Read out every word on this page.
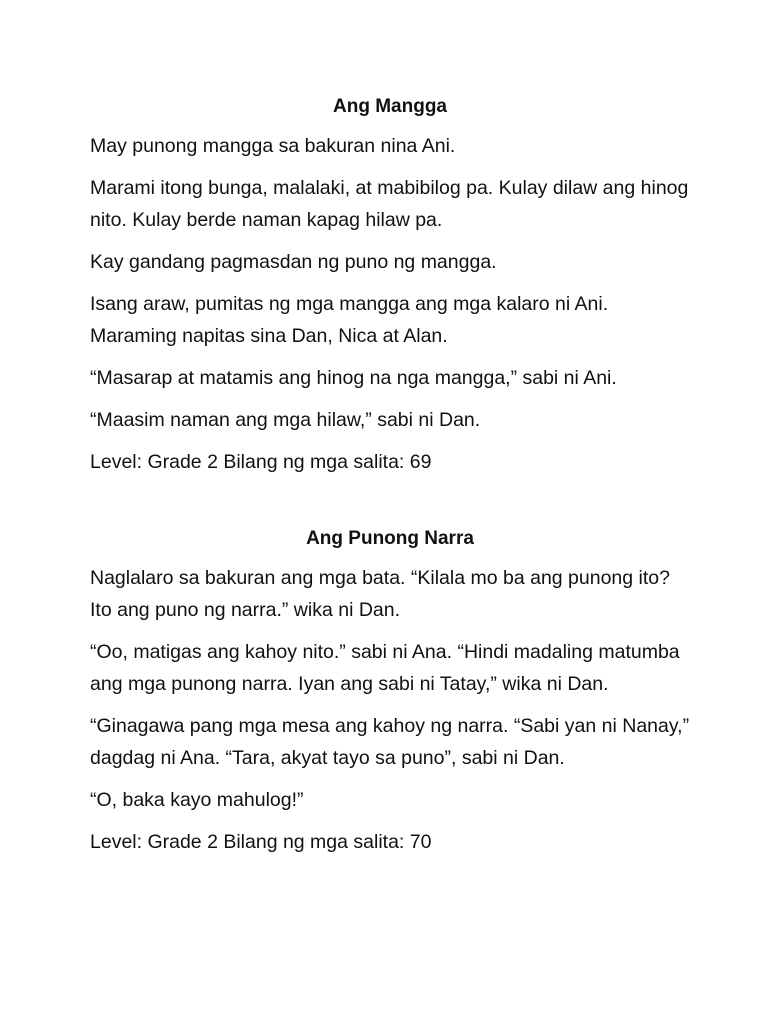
Ang Mangga

May punong mangga sa bakuran nina Ani.

Marami itong bunga, malalaki, at mabibilog pa. Kulay dilaw ang hinog nito. Kulay berde naman kapag hilaw pa.

Kay gandang pagmasdan ng puno ng mangga.

Isang araw, pumitas ng mga mangga ang mga kalaro ni Ani. Maraming napitas sina Dan, Nica at Alan.

“Masarap at matamis ang hinog na nga mangga,” sabi ni Ani.

“Maasim naman ang mga hilaw,” sabi ni Dan.

Level: Grade 2 Bilang ng mga salita: 69

Ang Punong Narra

Naglalaro sa bakuran ang mga bata. “Kilala mo ba ang punong ito? Ito ang puno ng narra.” wika ni Dan.

“Oo, matigas ang kahoy nito.” sabi ni Ana. “Hindi madaling matumba ang mga punong narra. Iyan ang sabi ni Tatay,” wika ni Dan.

“Ginagawa pang mga mesa ang kahoy ng narra. “Sabi yan ni Nanay,” dagdag ni Ana. “Tara, akyat tayo sa puno”, sabi ni Dan.

“O, baka kayo mahulog!”

Level: Grade 2 Bilang ng mga salita: 70
